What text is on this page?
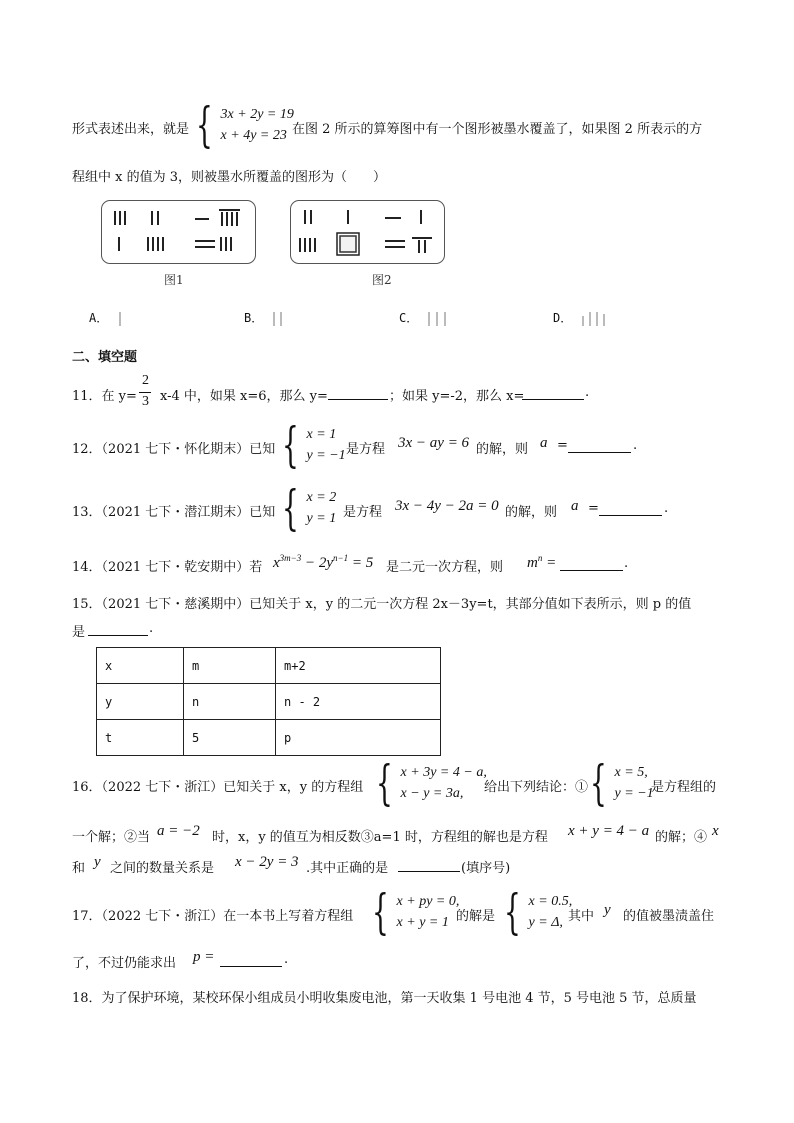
形式表述出来，就是 { 3x + 2y = 19
x + 4y = 23 在图 2 所示的算筹图中有一个图形被墨水覆盖了，如果图 2 所表示的方
程组中 x 的值为 3，则被墨水所覆盖的图形为（　　）
图1	图2
A．	B．	C．	D．
二、填空题
11．在 y=
2
3 x-4 中，如果 x=6，那么 y=	；如果 y=-2，那么 x=	.
12．（2021 七下・怀化期末）已知 { x = 1
y = −1 是方程 3x − ay = 6 的解，则 a =	.
13．（2021 七下・潜江期末）已知 { x = 2
y = 1 是方程 3x − 4y − 2a = 0 的解，则 a =	.
14．（2021 七下・乾安期中）若 $x^{3m-3} - 2y^{n-1} = 5$ 是二元一次方程，则 $m^n$ =	.
15．（2021 七下・慈溪期中）已知关于 x，y 的二元一次方程 2x－3y=t，其部分值如下表所示，则 p 的值
是	.
x	m	m+2
y	n	n - 2
t	5	p
16．（2022 七下・浙江）已知关于 x，y 的方程组 { x + 3y = 4 − a,
x − y = 3a,	给出下列结论：① { x = 5,
y = −1
是方程组的
一个解；②当 a = −2 时，x，y 的值互为相反数③a=1 时，方程组的解也是方程 x + y = 4 − a 的解；④ x
和 y 之间的数量关系是 x − 2y = 3 .其中正确的是	(填序号)
17．（2022 七下・浙江）在一本书上写着方程组 { x + py = 0,
x + y = 1 的解是 { x = 0.5,
y = Δ, 其中 y 的值被墨渍盖住
了，不过仍能求出 p =	.
18．为了保护环境，某校环保小组成员小明收集废电池，第一天收集 1 号电池 4 节，5 号电池 5 节，总质量
